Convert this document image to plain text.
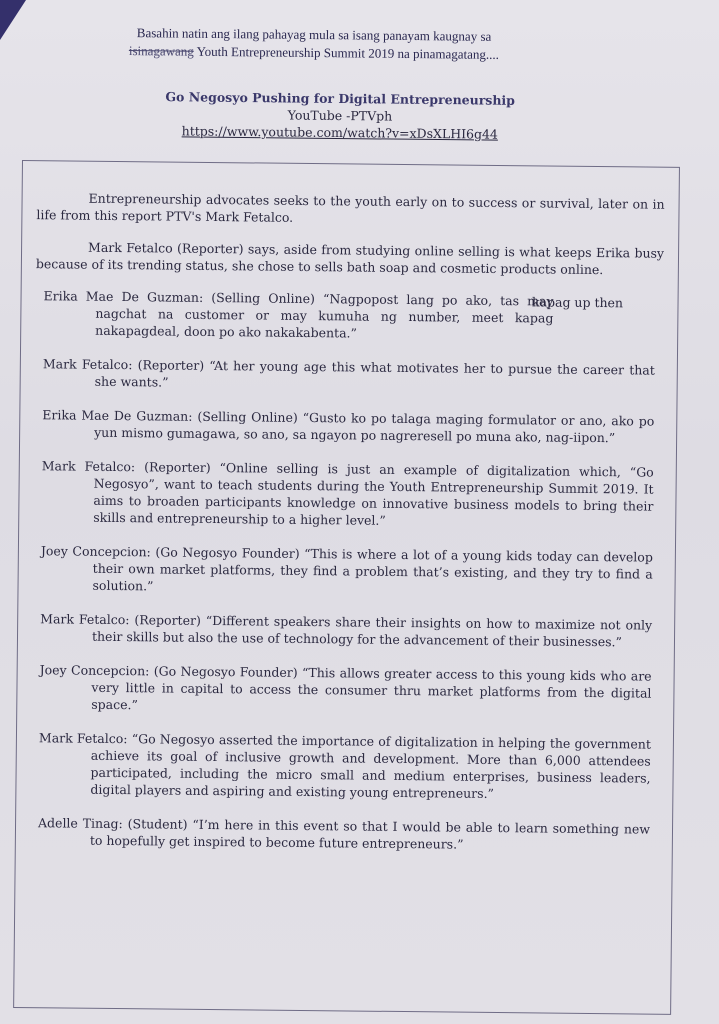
Basahin natin ang ilang pahayag mula sa isang panayam kaugnay sa
isinagawang Youth Entrepreneurship Summit 2019 na pinamagatang....
Go Negosyo Pushing for Digital Entrepreneurship
YouTube -PTVph
https://www.youtube.com/watch?v=xDsXLHI6g44
Entrepreneurship advocates seeks to the youth early on to success or survival, later on in life from this report PTV's Mark Fetalco.
Mark Fetalco (Reporter) says, aside from studying online selling is what keeps Erika busy because of its trending status, she chose to sells bath soap and cosmetic products online.
Erika Mae De Guzman: (Selling Online) “Nagpopost lang po ako, tas may nagchat na customer or may kumuha ng number, meet kapag nakapagdeal, doon po ako nakakabenta.”
kapag up then
Mark Fetalco: (Reporter) “At her young age this what motivates her to pursue the career that she wants.”
Erika Mae De Guzman: (Selling Online) “Gusto ko po talaga maging formulator or ano, ako po yun mismo gumagawa, so ano, sa ngayon po nagreresell po muna ako, nag-iipon.”
Mark Fetalco: (Reporter) “Online selling is just an example of digitalization which, “Go Negosyo”, want to teach students during the Youth Entrepreneurship Summit 2019. It aims to broaden participants knowledge on innovative business models to bring their skills and entrepreneurship to a higher level.”
Joey Concepcion: (Go Negosyo Founder) “This is where a lot of a young kids today can develop their own market platforms, they find a problem that’s existing, and they try to find a solution.”
Mark Fetalco: (Reporter) “Different speakers share their insights on how to maximize not only their skills but also the use of technology for the advancement of their businesses.”
Joey Concepcion: (Go Negosyo Founder) “This allows greater access to this young kids who are very little in capital to access the consumer thru market platforms from the digital space.”
Mark Fetalco: “Go Negosyo asserted the importance of digitalization in helping the government achieve its goal of inclusive growth and development. More than 6,000 attendees participated, including the micro small and medium enterprises, business leaders, digital players and aspiring and existing young entrepreneurs.”
Adelle Tinag: (Student) “I’m here in this event so that I would be able to learn something new to hopefully get inspired to become future entrepreneurs.”
